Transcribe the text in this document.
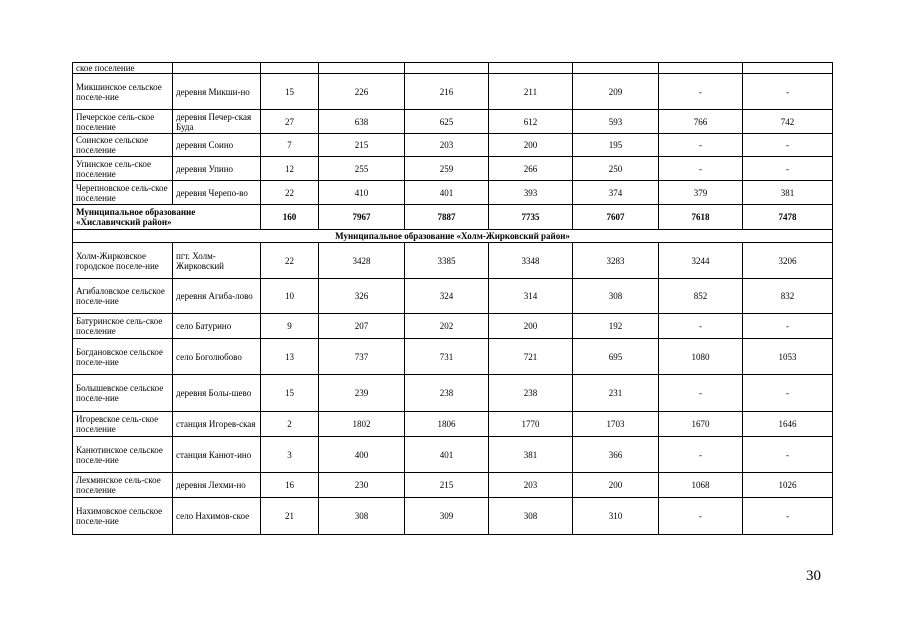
ское поселение								
Микшинское сельское поселе-ние	деревня Микши-но	15	226	216	211	209	-	-
Печерское сель-ское поселение	деревня Печер-ская Буда	27	638	625	612	593	766	742
Соинское сельское поселение	деревня Соино	7	215	203	200	195	-	-
Упинское сель-ское поселение	деревня Упино	12	255	259	266	250	-	-
Черепновское сель-ское поселение	деревня Черепо-во	22	410	401	393	374	379	381
Муниципальное образование «Хиславичский район»		160	7967	7887	7735	7607	7618	7478
Муниципальное образование «Холм-Жирковский район»								
Холм-Жирковское городское поселе-ние	пгт. Холм-Жирковский	22	3428	3385	3348	3283	3244	3206
Агибаловское сельское поселе-ние	деревня Агиба-лово	10	326	324	314	308	852	832
Батуринское сель-ское поселение	село Батурино	9	207	202	200	192	-	-
Богдановское сельское поселе-ние	село Боголюбово	13	737	731	721	695	1080	1053
Болышевское сельское поселе-ние	деревня Болы-шево	15	239	238	238	231	-	-
Игоревское сель-ское поселение	станция Игорев-ская	2	1802	1806	1770	1703	1670	1646
Канютинское сельское поселе-ние	станция Канют-ино	3	400	401	381	366	-	-
Лехминское сель-ское поселение	деревня Лехми-но	16	230	215	203	200	1068	1026
Нахимовское сельское поселе-ние	село Нахимов-ское	21	308	309	308	310	-	-
30
